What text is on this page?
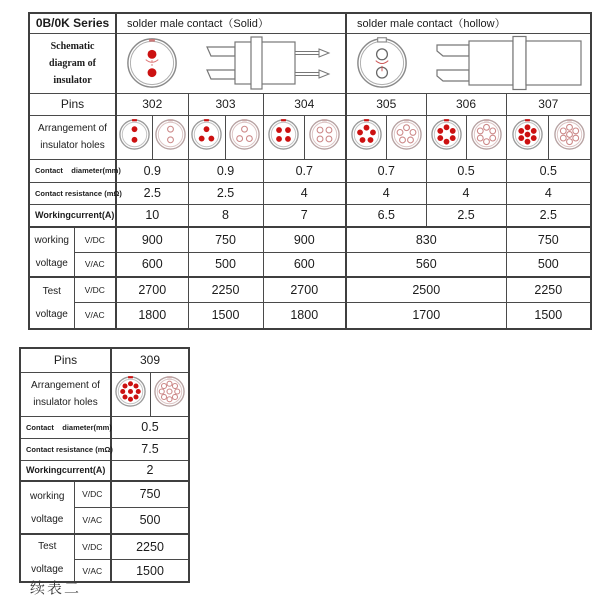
0B/0K Series		solder male contact（Solid）						solder male contact（hollow）					

Schematic
diagram of
insulator

Pins		302		303		304		305		306		307	

Arrangement of
insulator holes

Contact    diameter(mm)		0.9		0.9		0.7		0.7		0.5		0.5	
Contact resistance (mΩ)		2.5		2.5		4		4		4		4	
Workingcurrent(A)		10		8		7		6.5		2.5		2.5	

working
voltage	V/DC	900		750		900		830				750	
	V/AC	600		500		600		560				500	

Test
voltage	V/DC	2700		2250		2700		2500				2250	
	V/AC	1800		1500		1800		1700				1500	
Pins		309	

Arrangement of
insulator holes

Contact    diameter(mm)		0.5	
Contact resistance (mΩ)		7.5	
Workingcurrent(A)		2	

working
voltage	V/DC	750	
	V/AC	500	

Test
voltage	V/DC	2250	
	V/AC	1500	
续表二
